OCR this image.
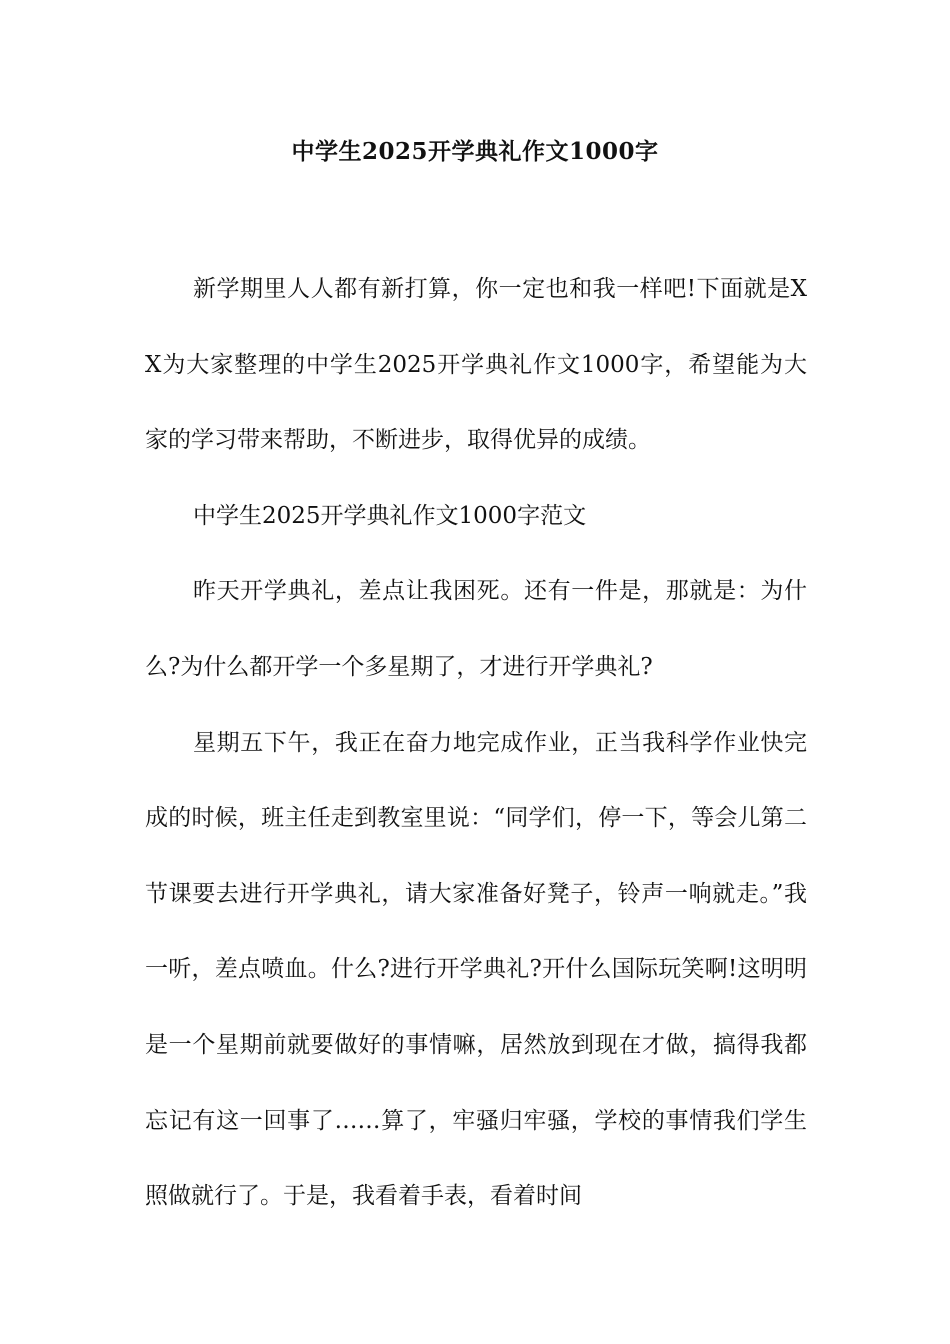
中学生2025开学典礼作文1000字

新学期里人人都有新打算，你一定也和我一样吧!下面就是XX为大家整理的中学生2025开学典礼作文1000字，希望能为大家的学习带来帮助，不断进步，取得优异的成绩。

中学生2025开学典礼作文1000字范文

昨天开学典礼，差点让我困死。还有一件是，那就是：为什么?为什么都开学一个多星期了，才进行开学典礼?

星期五下午，我正在奋力地完成作业，正当我科学作业快完成的时候，班主任走到教室里说：“同学们，停一下，等会儿第二节课要去进行开学典礼，请大家准备好凳子，铃声一响就走。”我一听，差点喷血。什么?进行开学典礼?开什么国际玩笑啊!这明明是一个星期前就要做好的事情嘛，居然放到现在才做，搞得我都忘记有这一回事了……算了，牢骚归牢骚，学校的事情我们学生照做就行了。于是，我看着手表，看着时间
